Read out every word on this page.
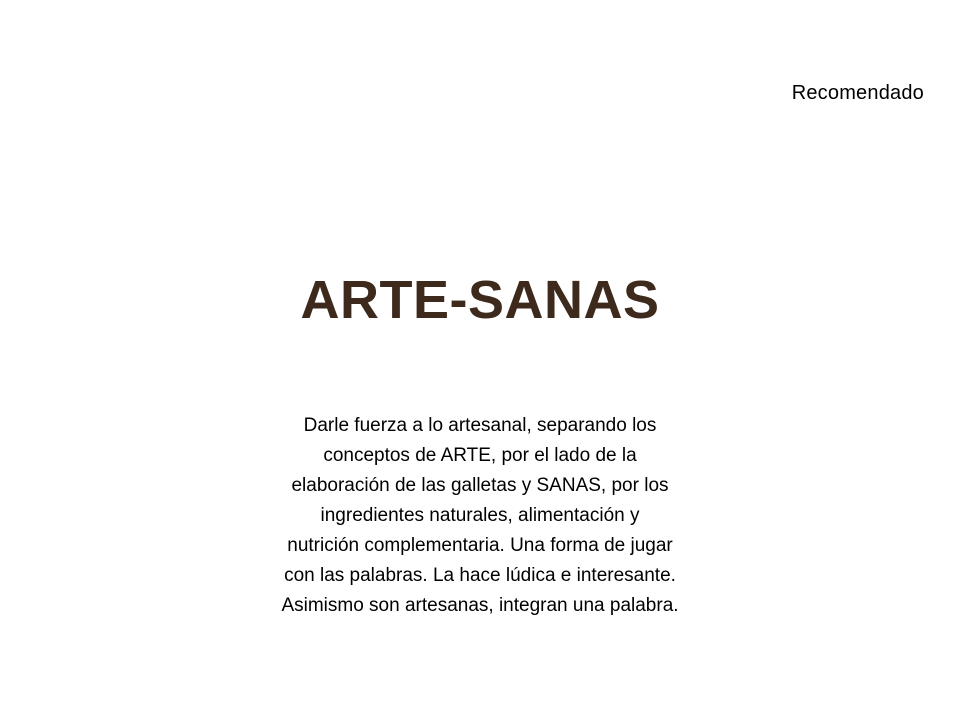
Recomendado
ARTE-SANAS
Darle fuerza a lo artesanal, separando los
conceptos de ARTE, por el lado de la
elaboración de las galletas y SANAS, por los
ingredientes naturales, alimentación y
nutrición complementaria. Una forma de jugar
con las palabras. La hace lúdica e interesante.
Asimismo son artesanas, integran una palabra.
